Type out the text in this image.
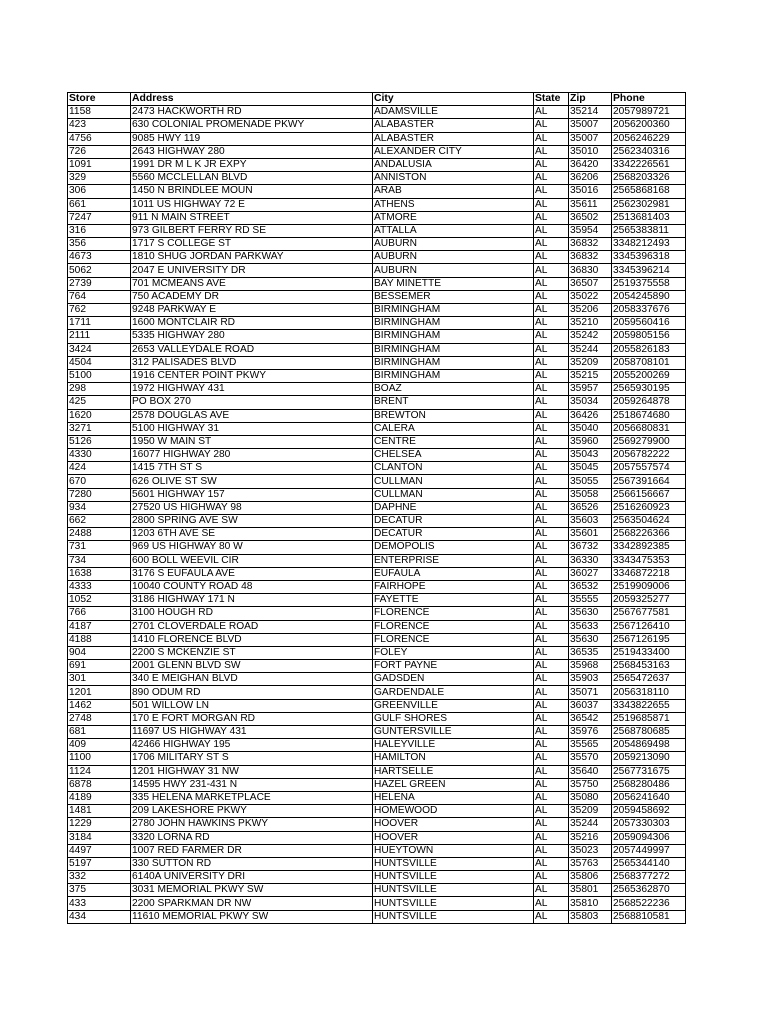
Store	Address	City	State	Zip	Phone
1158	2473 HACKWORTH RD	ADAMSVILLE	AL	35214	2057989721
423	630 COLONIAL PROMENADE PKWY	ALABASTER	AL	35007	2056200360
4756	9085 HWY 119	ALABASTER	AL	35007	2056246229
726	2643 HIGHWAY 280	ALEXANDER CITY	AL	35010	2562340316
1091	1991 DR M L K JR EXPY	ANDALUSIA	AL	36420	3342226561
329	5560 MCCLELLAN BLVD	ANNISTON	AL	36206	2568203326
306	1450 N BRINDLEE MOUN	ARAB	AL	35016	2565868168
661	1011 US HIGHWAY 72 E	ATHENS	AL	35611	2562302981
7247	911 N MAIN STREET	ATMORE	AL	36502	2513681403
316	973 GILBERT FERRY RD SE	ATTALLA	AL	35954	2565383811
356	1717 S COLLEGE ST	AUBURN	AL	36832	3348212493
4673	1810 SHUG JORDAN PARKWAY	AUBURN	AL	36832	3345396318
5062	2047 E UNIVERSITY DR	AUBURN	AL	36830	3345396214
2739	701 MCMEANS AVE	BAY MINETTE	AL	36507	2519375558
764	750 ACADEMY DR	BESSEMER	AL	35022	2054245890
762	9248 PARKWAY E	BIRMINGHAM	AL	35206	2058337676
1711	1600 MONTCLAIR RD	BIRMINGHAM	AL	35210	2059560416
2111	5335 HIGHWAY 280	BIRMINGHAM	AL	35242	2059805156
3424	2653 VALLEYDALE ROAD	BIRMINGHAM	AL	35244	2055826183
4504	312 PALISADES BLVD	BIRMINGHAM	AL	35209	2058708101
5100	1916 CENTER POINT PKWY	BIRMINGHAM	AL	35215	2055200269
298	1972 HIGHWAY 431	BOAZ	AL	35957	2565930195
425	PO BOX 270	BRENT	AL	35034	2059264878
1620	2578 DOUGLAS AVE	BREWTON	AL	36426	2518674680
3271	5100 HIGHWAY 31	CALERA	AL	35040	2056680831
5126	1950 W MAIN ST	CENTRE	AL	35960	2569279900
4330	16077 HIGHWAY 280	CHELSEA	AL	35043	2056782222
424	1415 7TH ST S	CLANTON	AL	35045	2057557574
670	626 OLIVE ST SW	CULLMAN	AL	35055	2567391664
7280	5601 HIGHWAY 157	CULLMAN	AL	35058	2566156667
934	27520 US HIGHWAY 98	DAPHNE	AL	36526	2516260923
662	2800 SPRING AVE SW	DECATUR	AL	35603	2563504624
2488	1203 6TH AVE SE	DECATUR	AL	35601	2568226366
731	969 US HIGHWAY 80 W	DEMOPOLIS	AL	36732	3342892385
734	600 BOLL WEEVIL CIR	ENTERPRISE	AL	36330	3343475353
1638	3176 S EUFAULA AVE	EUFAULA	AL	36027	3346872218
4333	10040 COUNTY ROAD 48	FAIRHOPE	AL	36532	2519909006
1052	3186 HIGHWAY 171 N	FAYETTE	AL	35555	2059325277
766	3100 HOUGH RD	FLORENCE	AL	35630	2567677581
4187	2701 CLOVERDALE ROAD	FLORENCE	AL	35633	2567126410
4188	1410 FLORENCE BLVD	FLORENCE	AL	35630	2567126195
904	2200 S MCKENZIE ST	FOLEY	AL	36535	2519433400
691	2001 GLENN BLVD SW	FORT PAYNE	AL	35968	2568453163
301	340 E MEIGHAN BLVD	GADSDEN	AL	35903	2565472637
1201	890 ODUM RD	GARDENDALE	AL	35071	2056318110
1462	501 WILLOW LN	GREENVILLE	AL	36037	3343822655
2748	170 E FORT MORGAN RD	GULF SHORES	AL	36542	2519685871
681	11697 US HIGHWAY 431	GUNTERSVILLE	AL	35976	2568780685
409	42466 HIGHWAY 195	HALEYVILLE	AL	35565	2054869498
1100	1706 MILITARY ST S	HAMILTON	AL	35570	2059213090
1124	1201 HIGHWAY 31 NW	HARTSELLE	AL	35640	2567731675
6878	14595 HWY 231-431 N	HAZEL GREEN	AL	35750	2568280486
4189	335 HELENA MARKETPLACE	HELENA	AL	35080	2056241640
1481	209 LAKESHORE PKWY	HOMEWOOD	AL	35209	2059458692
1229	2780 JOHN HAWKINS PKWY	HOOVER	AL	35244	2057330303
3184	3320 LORNA RD	HOOVER	AL	35216	2059094306
4497	1007 RED FARMER DR	HUEYTOWN	AL	35023	2057449997
5197	330 SUTTON RD	HUNTSVILLE	AL	35763	2565344140
332	6140A UNIVERSITY DRI	HUNTSVILLE	AL	35806	2568377272
375	3031 MEMORIAL PKWY SW	HUNTSVILLE	AL	35801	2565362870
433	2200 SPARKMAN DR NW	HUNTSVILLE	AL	35810	2568522236
434	11610 MEMORIAL PKWY SW	HUNTSVILLE	AL	35803	2568810581
